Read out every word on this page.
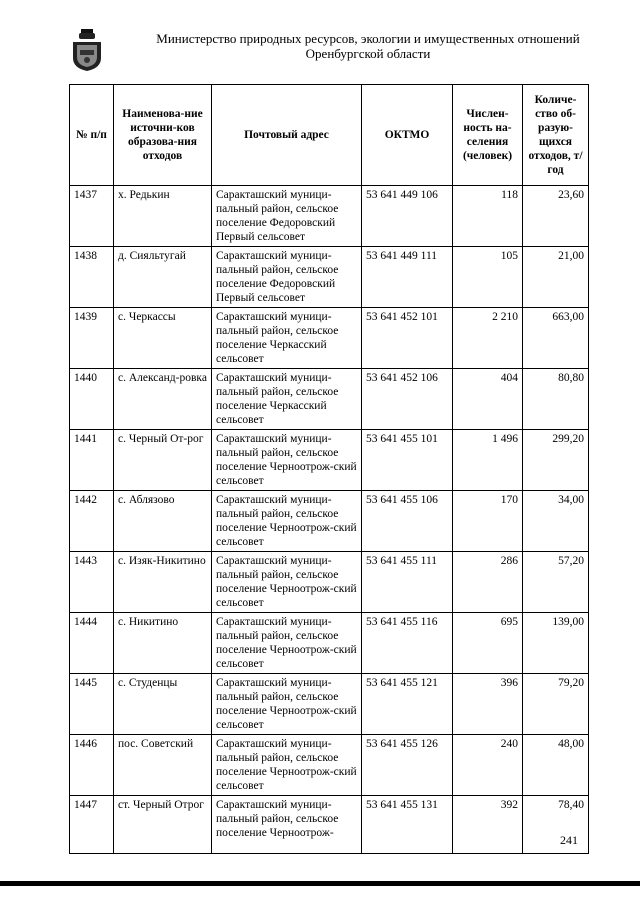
Министерство природных ресурсов, экологии и имущественных отношений
Оренбургской области
№ п/п	Наименова-ние источни-ков образова-ния отходов	Почтовый адрес	ОКТМО	Числен-ность на-селения (человек)	Количе-ство об-разую-щихся отходов, т/год
1437	х. Редькин	Саракташский муници-пальный район, сельское поселение Федоровский Первый сельсовет	53 641 449 106	118	23,60
1438	д. Сияльтугай	Саракташский муници-пальный район, сельское поселение Федоровский Первый сельсовет	53 641 449 111	105	21,00
1439	с. Черкассы	Саракташский муници-пальный район, сельское поселение Черкасский сельсовет	53 641 452 101	2 210	663,00
1440	с. Александ-ровка	Саракташский муници-пальный район, сельское поселение Черкасский сельсовет	53 641 452 106	404	80,80
1441	с. Черный От-рог	Саракташский муници-пальный район, сельское поселение Черноотрож-ский сельсовет	53 641 455 101	1 496	299,20
1442	с. Аблязово	Саракташский муници-пальный район, сельское поселение Черноотрож-ский сельсовет	53 641 455 106	170	34,00
1443	с. Изяк-Никитино	Саракташский муници-пальный район, сельское поселение Черноотрож-ский сельсовет	53 641 455 111	286	57,20
1444	с. Никитино	Саракташский муници-пальный район, сельское поселение Черноотрож-ский сельсовет	53 641 455 116	695	139,00
1445	с. Студенцы	Саракташский муници-пальный район, сельское поселение Черноотрож-ский сельсовет	53 641 455 121	396	79,20
1446	пос. Советский	Саракташский муници-пальный район, сельское поселение Черноотрож-ский сельсовет	53 641 455 126	240	48,00
1447	ст. Черный Отрог	Саракташский муници-пальный район, сельское поселение Черноотрож-	53 641 455 131	392	78,40
241
